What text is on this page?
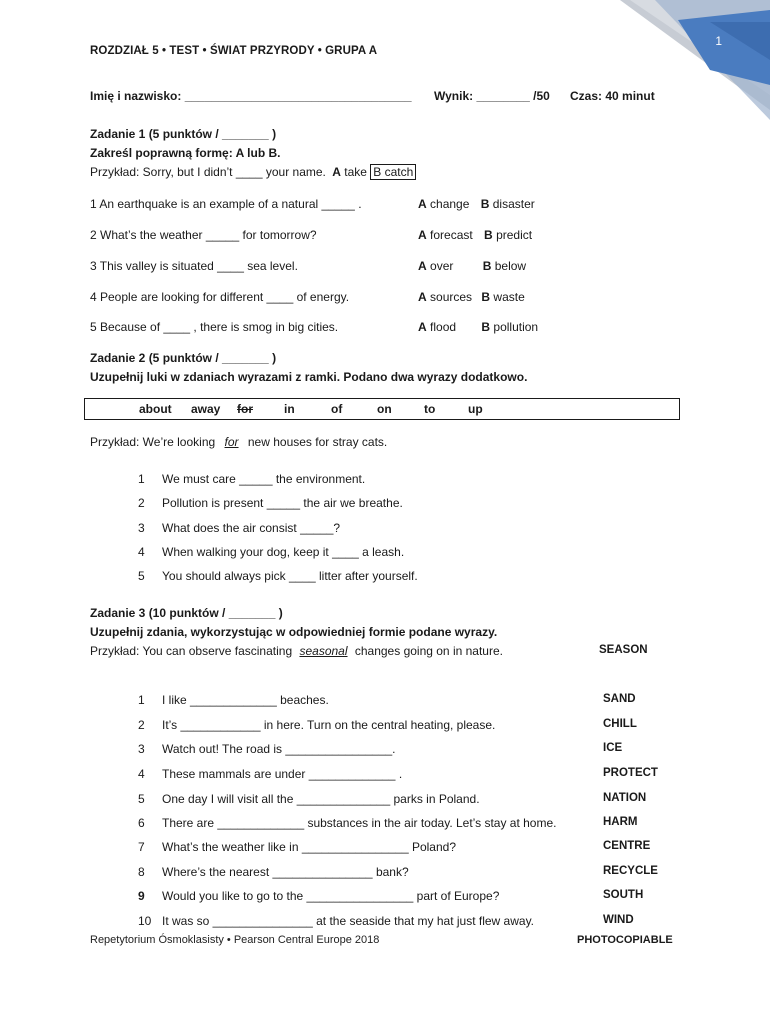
1
ROZDZIAŁ 5 • TEST • ŚWIAT PRZYRODY • GRUPA A
Imię i nazwisko: __________________________________ Wynik: ________ /50 Czas: 40 minut
Zadanie 1 (5 punktów / _______ )
Zakreśl poprawną formę: A lub B.
Przykład: Sorry, but I didn’t ____ your name. A take B catch
1 An earthquake is an example of a natural _____ .	A change B disaster
2 What’s the weather _____ for tomorrow?	A forecast B predict
3 This valley is situated ____ sea level.	A over B below
4 People are looking for different ____ of energy.	A sources B waste
5 Because of ____ , there is smog in big cities.	A flood B pollution
Zadanie 2 (5 punktów / _______ )
Uzupełnij luki w zdaniach wyrazami z ramki. Podano dwa wyrazy dodatkowo.
about away for	in	of	on	to	up
Przykład: We’re looking for new houses for stray cats.
1 We must care _____ the environment.
2 Pollution is present _____ the air we breathe.
3 What does the air consist _____?
4 When walking your dog, keep it ____ a leash.
5 You should always pick ____ litter after yourself.
Zadanie 3 (10 punktów / _______ )
Uzupełnij zdania, wykorzystując w odpowiedniej formie podane wyrazy.
Przykład: You can observe fascinating seasonal changes going on in nature.	SEASON
1 I like _____________ beaches.	SAND
2 It’s ____________ in here. Turn on the central heating, please.	CHILL
3 Watch out! The road is ________________.	ICE
4 These mammals are under _____________ .	PROTECT
5 One day I will visit all the ______________ parks in Poland.	NATION
6 There are _____________ substances in the air today. Let’s stay at home.	HARM
7 What’s the weather like in ________________ Poland?	CENTRE
8 Where’s the nearest _______________ bank?	RECYCLE
9 Would you like to go to the ________________ part of Europe?	SOUTH
10 It was so _______________ at the seaside that my hat just flew away.	WIND
Repetytorium Ósmoklasisty • Pearson Central Europe 2018	PHOTOCOPIABLE
